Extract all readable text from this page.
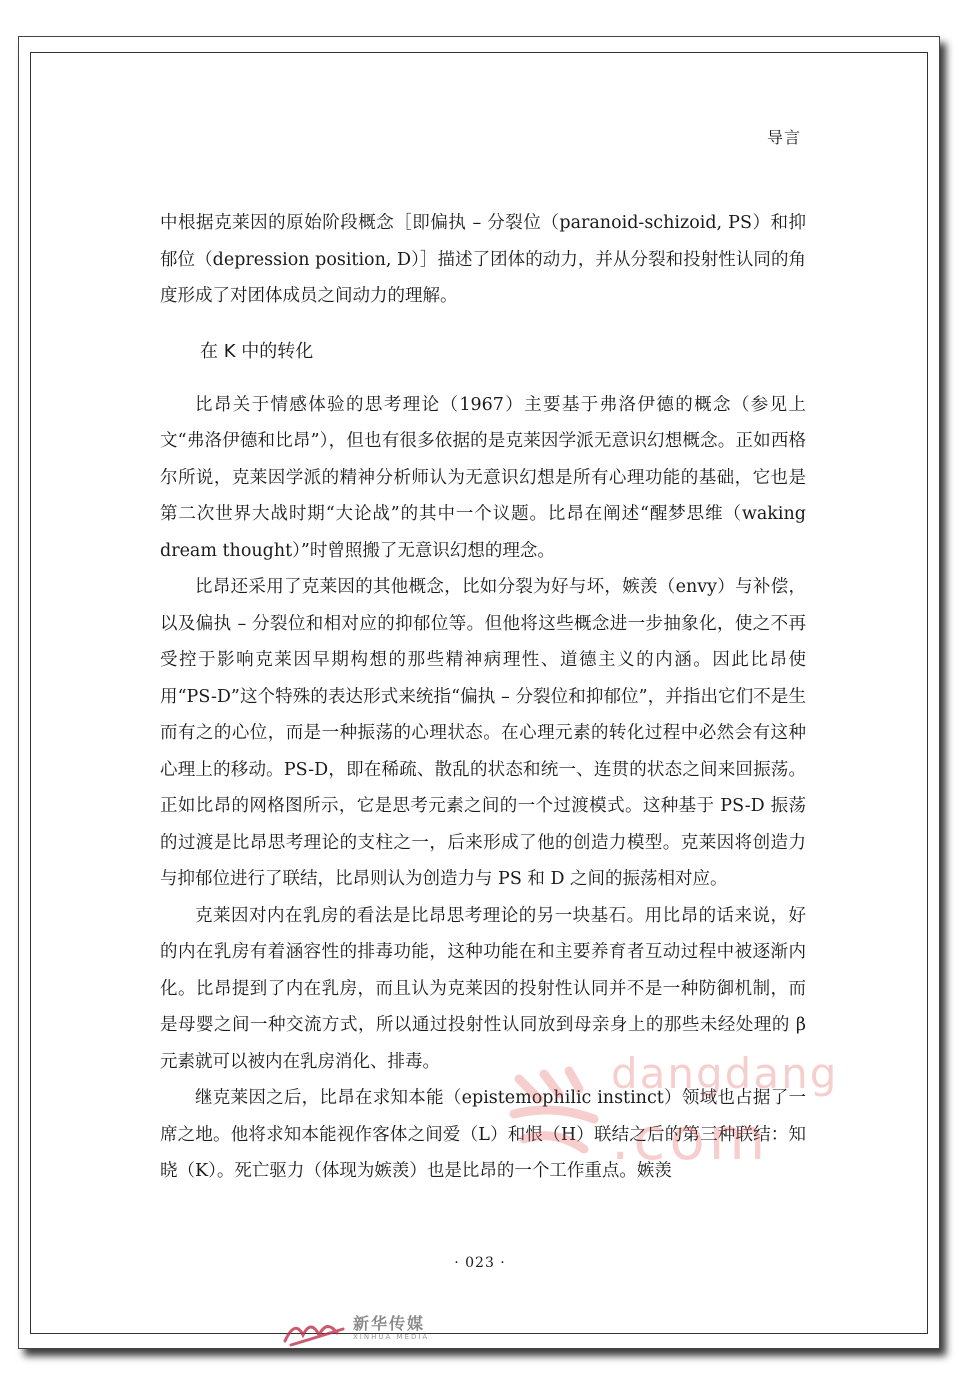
导言

中根据克莱因的原始阶段概念［即偏执 – 分裂位（paranoid-schizoid, PS）和抑郁位（depression position, D）］描述了团体的动力，并从分裂和投射性认同的角度形成了对团体成员之间动力的理解。

在 K 中的转化

比昂关于情感体验的思考理论（1967）主要基于弗洛伊德的概念（参见上文“弗洛伊德和比昂”），但也有很多依据的是克莱因学派无意识幻想概念。正如西格尔所说，克莱因学派的精神分析师认为无意识幻想是所有心理功能的基础，它也是第二次世界大战时期“大论战”的其中一个议题。比昂在阐述“醒梦思维（waking dream thought）”时曾照搬了无意识幻想的理念。

比昂还采用了克莱因的其他概念，比如分裂为好与坏，嫉羡（envy）与补偿，以及偏执 – 分裂位和相对应的抑郁位等。但他将这些概念进一步抽象化，使之不再受控于影响克莱因早期构想的那些精神病理性、道德主义的内涵。因此比昂使用“PS-D”这个特殊的表达形式来统指“偏执 – 分裂位和抑郁位”，并指出它们不是生而有之的心位，而是一种振荡的心理状态。在心理元素的转化过程中必然会有这种心理上的移动。PS-D，即在稀疏、散乱的状态和统一、连贯的状态之间来回振荡。正如比昂的网格图所示，它是思考元素之间的一个过渡模式。这种基于 PS-D 振荡的过渡是比昂思考理论的支柱之一，后来形成了他的创造力模型。克莱因将创造力与抑郁位进行了联结，比昂则认为创造力与 PS 和 D 之间的振荡相对应。

克莱因对内在乳房的看法是比昂思考理论的另一块基石。用比昂的话来说，好的内在乳房有着涵容性的排毒功能，这种功能在和主要养育者互动过程中被逐渐内化。比昂提到了内在乳房，而且认为克莱因的投射性认同并不是一种防御机制，而是母婴之间一种交流方式，所以通过投射性认同放到母亲身上的那些未经处理的 β 元素就可以被内在乳房消化、排毒。

继克莱因之后，比昂在求知本能（epistemophilic instinct）领域也占据了一席之地。他将求知本能视作客体之间爱（L）和恨（H）联结之后的第三种联结：知晓（K）。死亡驱力（体现为嫉羡）也是比昂的一个工作重点。嫉羡

· 023 ·
dangdang
.com
新华传媒
XINHUA MEDIA
